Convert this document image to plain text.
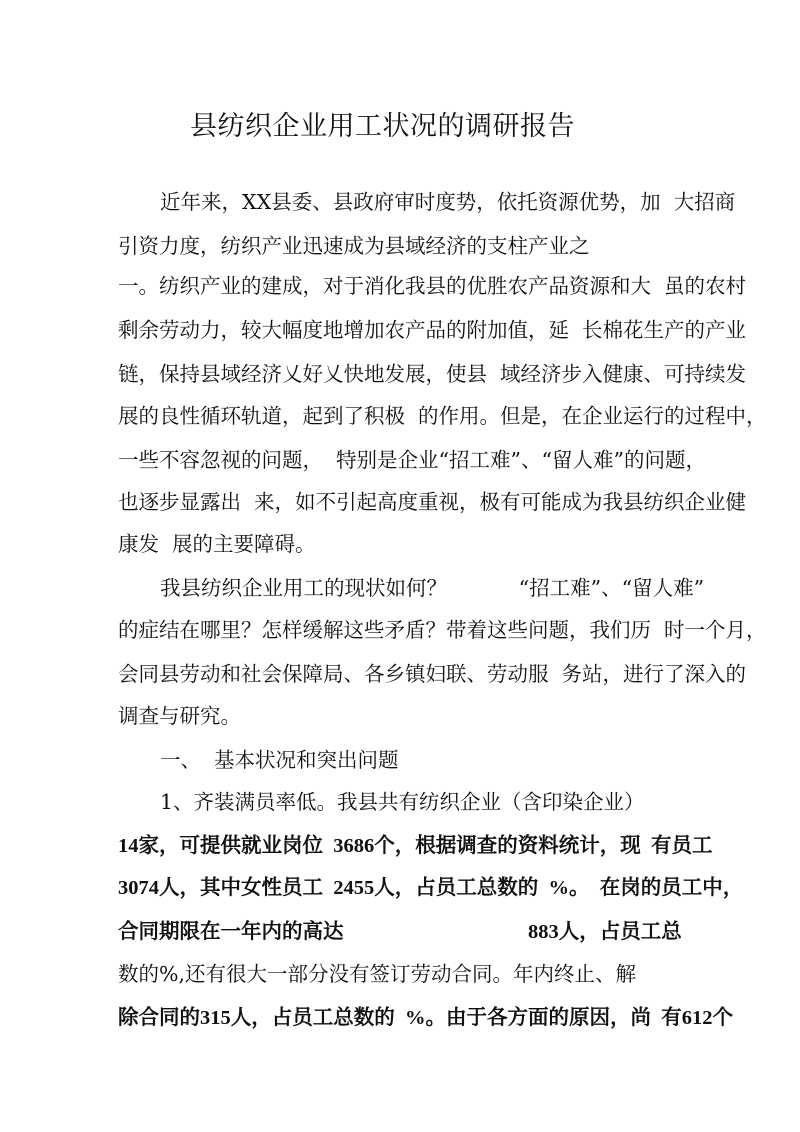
县纺织企业用工状况的调研报告
近年来，XX县委、县政府审时度势，依托资源优势，加  大招商
引资力度，纺织产业迅速成为县域经济的支柱产业之
一。纺织产业的建成，对于消化我县的优胜农产品资源和大  虽的农村
剩余劳动力，较大幅度地增加农产品的附加值，延  长棉花生产的产业
链，保持县域经济乂好乂快地发展，使县  域经济步入健康、可持续发
展的良性循环轨道，起到了积极  的作用。但是，在企业运行的过程中，
一些不容忽视的问题，  特别是企业“招工难”、“留人难”的问题，
也逐步显露出  来，如不引起高度重视，极有可能成为我县纺织企业健
康发  展的主要障碍。
我县纺织企业用工的现状如何？           “招工难”、“留人难”
的症结在哪里？怎样缓解这些矛盾？带着这些问题，我们历  时一个月，
会同县劳动和社会保障局、各乡镇妇联、劳动服  务站，进行了深入的
调查与研究。
一、  基本状况和突出问题
1、齐装满员率低。我县共有纺织企业（含印染企业）
14家，可提供就业岗位  3686个，根据调查的资料统计，现  有员工
3074人，其中女性员工  2455人，占员工总数的  %。  在岗的员工中，
合同期限在一年内的高达                                    883人，占员工总
数的%,还有很大一部分没有签订劳动合同。年内终止、解
除合同的315人，占员工总数的  %。由于各方面的原因，尚  有612个
